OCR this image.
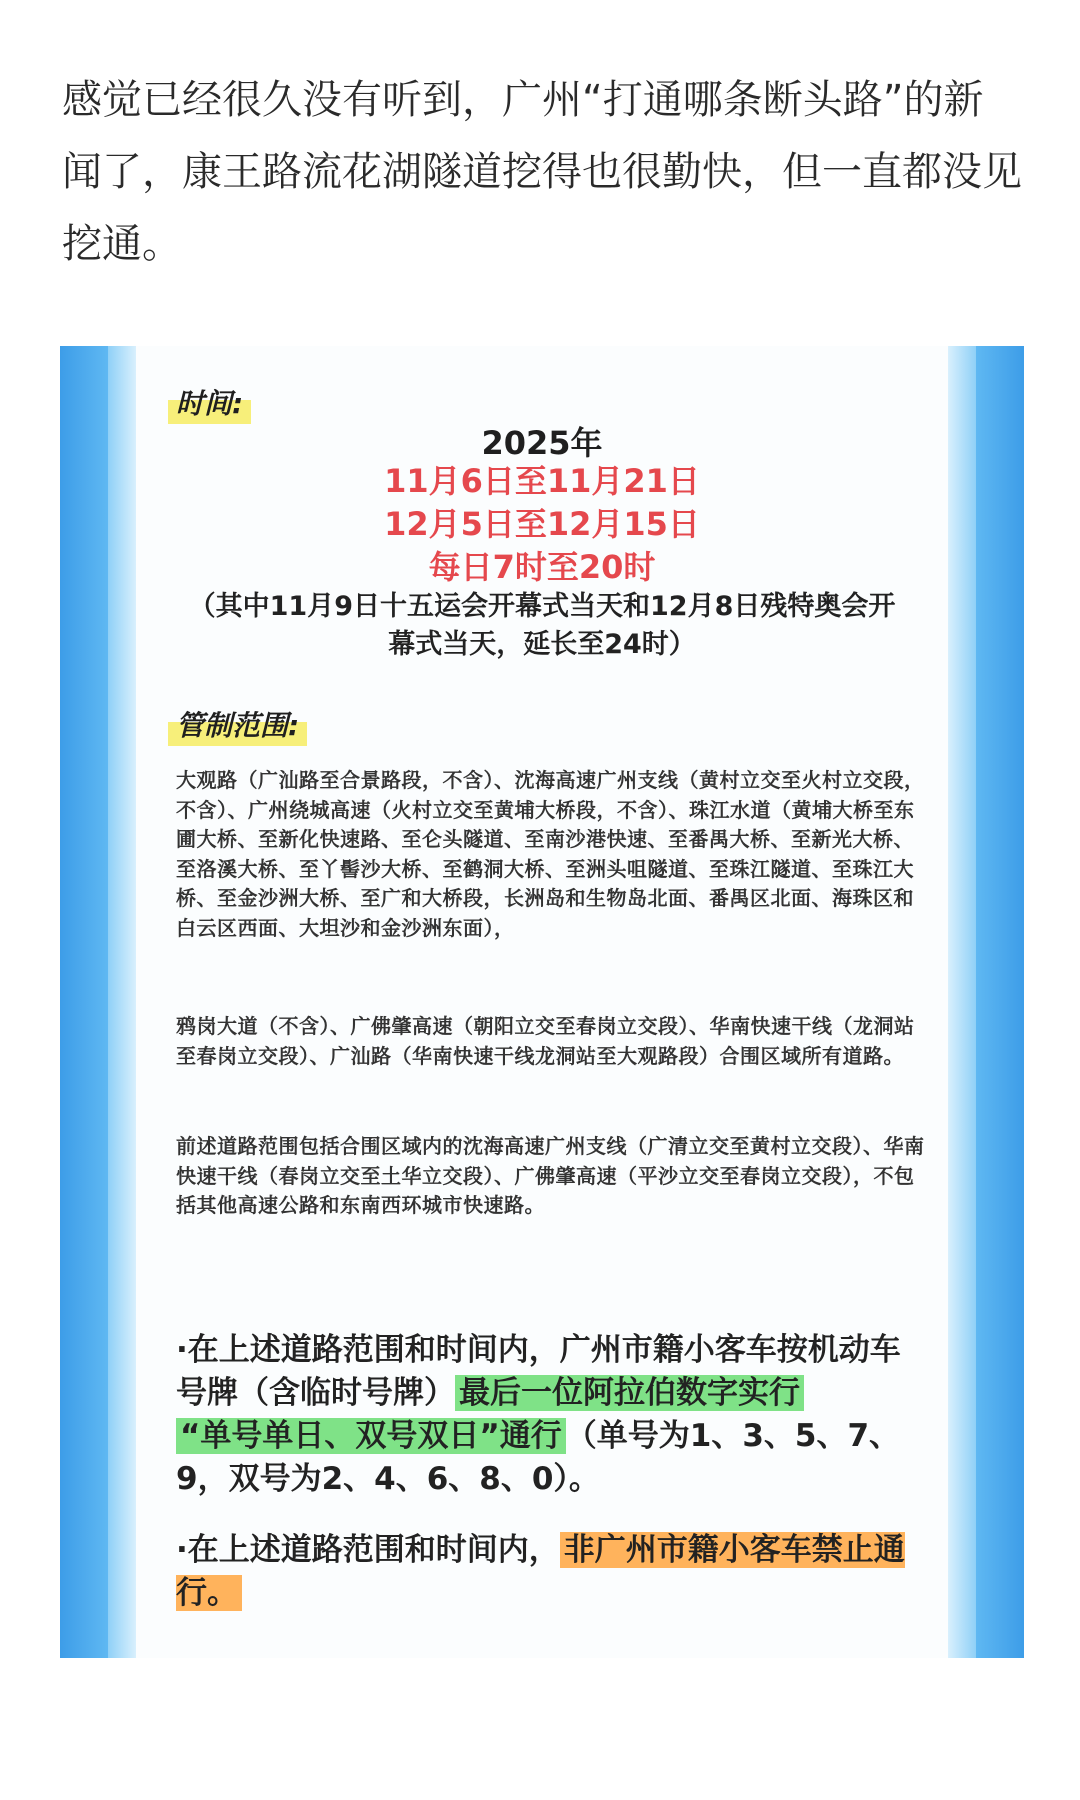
感觉已经很久没有听到，广州“打通哪条断头路”的新闻了，康王路流花湖隧道挖得也很勤快，但一直都没见挖通。
时间:
2025年
11月6日至11月21日
12月5日至12月15日
每日7时至20时
（其中11月9日十五运会开幕式当天和12月8日残特奥会开幕式当天，延长至24时）
管制范围:
大观路（广汕路至合景路段，不含）、沈海高速广州支线（黄村立交至火村立交段，不含）、广州绕城高速（火村立交至黄埔大桥段，不含）、珠江水道（黄埔大桥至东圃大桥、至新化快速路、至仑头隧道、至南沙港快速、至番禺大桥、至新光大桥、至洛溪大桥、至丫髻沙大桥、至鹤洞大桥、至洲头咀隧道、至珠江隧道、至珠江大桥、至金沙洲大桥、至广和大桥段，长洲岛和生物岛北面、番禺区北面、海珠区和白云区西面、大坦沙和金沙洲东面），
鸦岗大道（不含）、广佛肇高速（朝阳立交至春岗立交段）、华南快速干线（龙洞站至春岗立交段）、广汕路（华南快速干线龙洞站至大观路段）合围区域所有道路。
前述道路范围包括合围区域内的沈海高速广州支线（广清立交至黄村立交段）、华南快速干线（春岗立交至土华立交段）、广佛肇高速（平沙立交至春岗立交段），不包括其他高速公路和东南西环城市快速路。
·在上述道路范围和时间内，广州市籍小客车按机动车号牌（含临时号牌） 最后一位阿拉伯数字实行
“单号单日、双号双日”通行 （单号为1、3、5、7、9，双号为2、4、6、8、0）。
·在上述道路范围和时间内， 非广州市籍小客车禁止通行。
